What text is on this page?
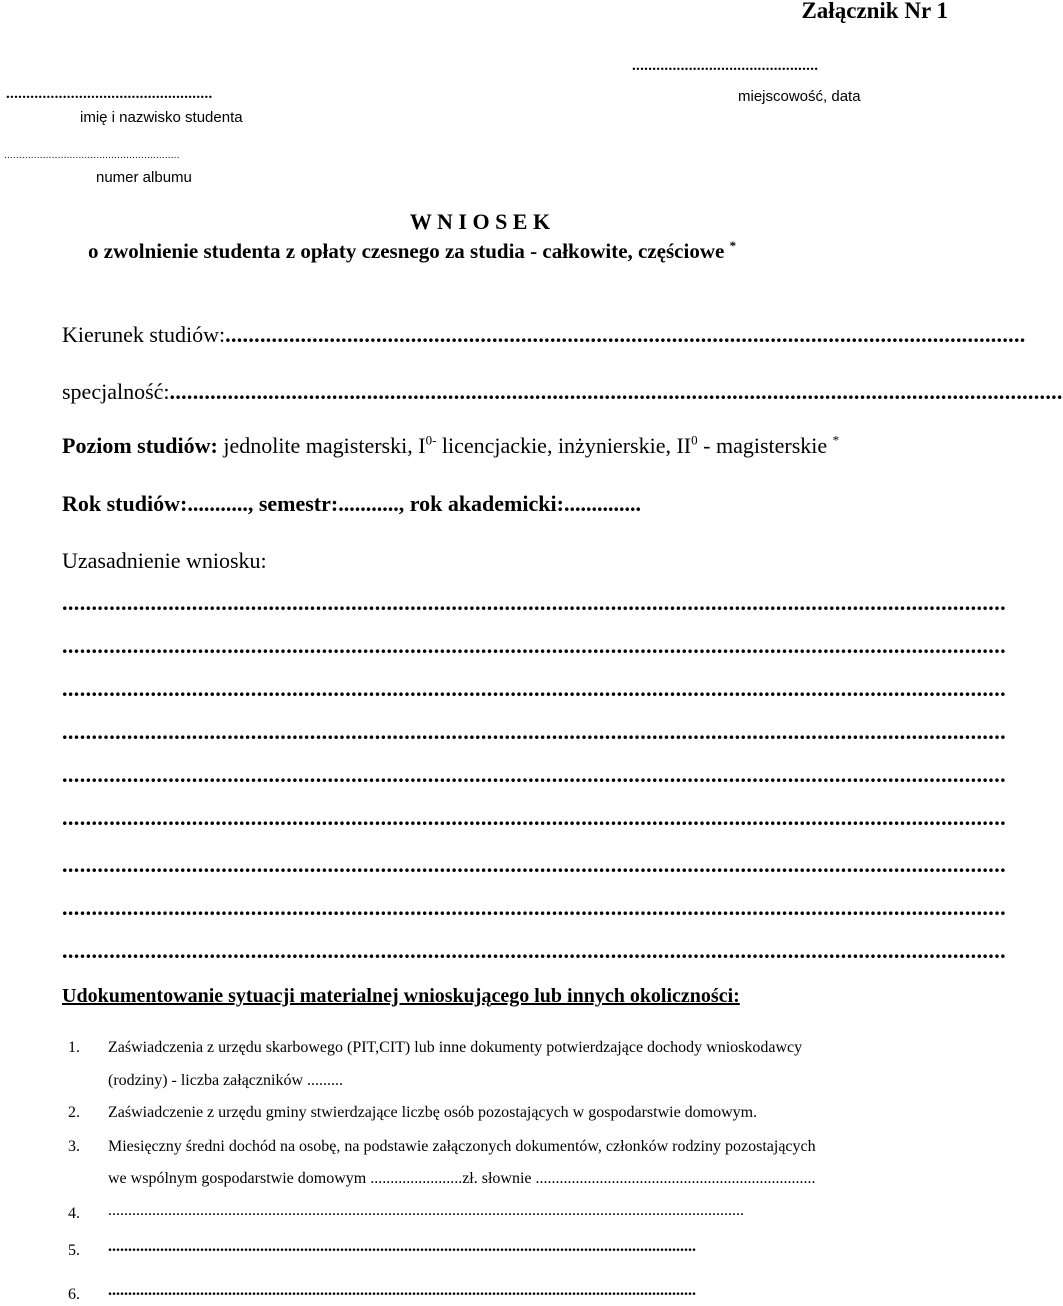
Załącznik Nr 1
..............................................
miejscowość, data
...................................................
imię i nazwisko studenta
...........................................................
numer albumu
W N I O S E K
o zwolnienie studenta z opłaty czesnego za studia - całkowite, częściowe *
Kierunek studiów:..........................................................................................................................................
specjalność:..........................................................................................................................................................
Poziom studiów: jednolite magisterski, $I^{0-}$ licencjackie, inżynierskie, $II^0$ - magisterskie *
Rok studiów:..........., semestr:..........., rok akademicki:..............
Uzasadnienie wniosku:
................................................................................................................................................................
................................................................................................................................................................
................................................................................................................................................................
................................................................................................................................................................
................................................................................................................................................................
................................................................................................................................................................
................................................................................................................................................................
................................................................................................................................................................
................................................................................................................................................................
Udokumentowanie sytuacji materialnej wnioskującego lub innych okoliczności:
1. Zaświadczenia z urzędu skarbowego (PIT,CIT) lub inne dokumenty potwierdzające dochody wnioskodawcy
(rodziny) - liczba załączników .........
2. Zaświadczenie z urzędu gminy stwierdzające liczbę osób pozostających w gospodarstwie domowym.
3. Miesięczny średni dochód na osobę, na podstawie załączonych dokumentów, członków rodziny pozostających
we wspólnym gospodarstwie domowym .......................zł. słownie ......................................................................
4. ...............................................................................................................................................................
5. ...................................................................................................................................................
6. ...................................................................................................................................................
